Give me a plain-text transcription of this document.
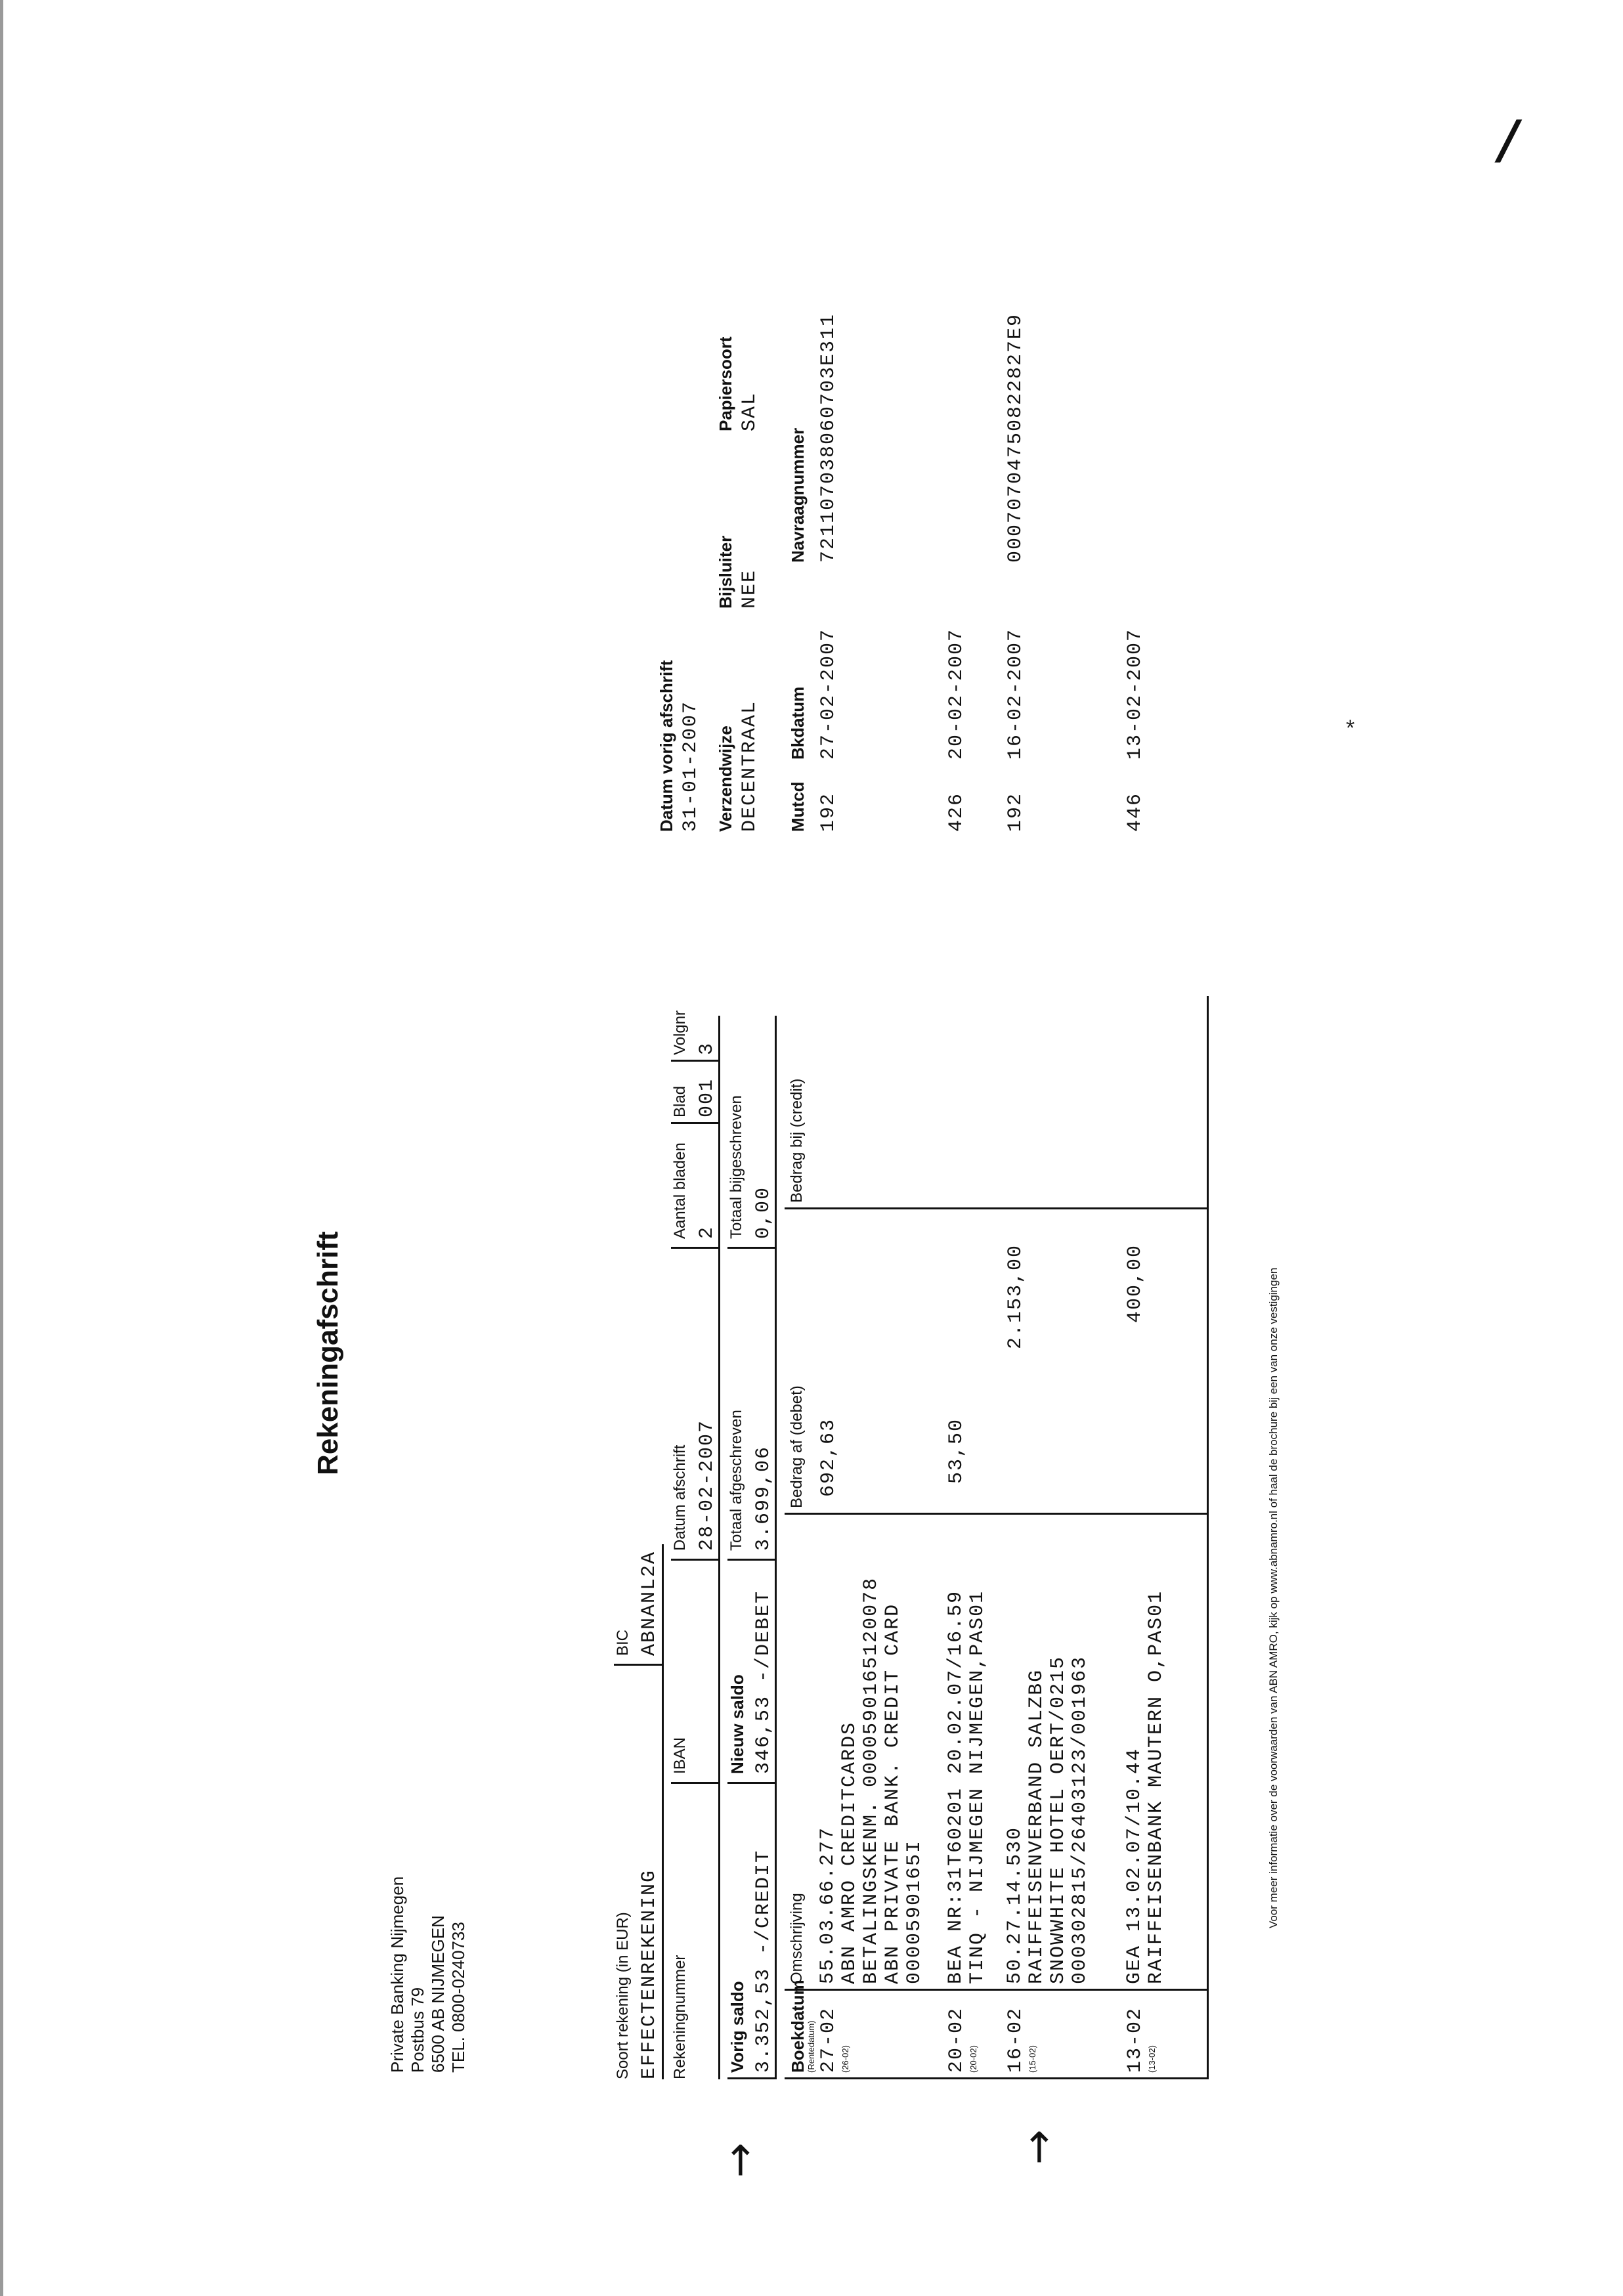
/
*
Rekeningafschrift
Private Banking Nijmegen Postbus 79 6500 AB NIJMEGEN TEL. 0800-0240733	Soort rekening (in EUR) EFFECTENREKENING
BIC ABNANL2A
Rekeningnummer
IBAN
Datum afschrift 28-02-2007
Aantal bladen 2
Blad 001
Volgnr 3
→
Vorig saldo 3.352,53 -/CREDIT
Nieuw saldo 346,53 -/DEBET
Totaal afgeschreven 3.699,06
Totaal bijgeschreven 0,00
Boekdatum
(Rentedatum)
Omschrijving
Bedrag af (debet)
Bedrag bij (credit)
27-02 (26-02)
55.03.66.277 ABN AMRO CREDITCARDS BETALINGSKENM. 0000590165120078 ABN PRIVATE BANK. CREDIT CARD 0000590165I
692,63
20-02 (20-02)
BEA NR:31T60201 20.02.07/16.59 TINQ - NIJMEGEN NIJMEGEN,PAS01
53,50
→
16-02 (15-02)
50.27.14.530 RAIFFEISENVERBAND SALZBG SNOWWHITE HOTEL OERT/0215 000302815/26403123/001963
2.153,00
13-02 (13-02)
GEA 13.02.07/10.44 RAIFFEISENBANK MAUTERN O,PAS01
400,00	Voor meer informatie over de voorwaarden van ABN AMRO, kijk op www.abnamro.nl of haal de brochure bij een van onze vestigingen
Datum vorig afschrift 31-01-2007 Verzendwijze DECENTRAAL
Bijsluiter NEE
Papiersoort SAL
Mutcd
Bkdatum
Navraagnummer
192
27-02-2007
721107038060703E311
426
20-02-2007
192
16-02-2007
00070704750822827E9
446
13-02-2007
